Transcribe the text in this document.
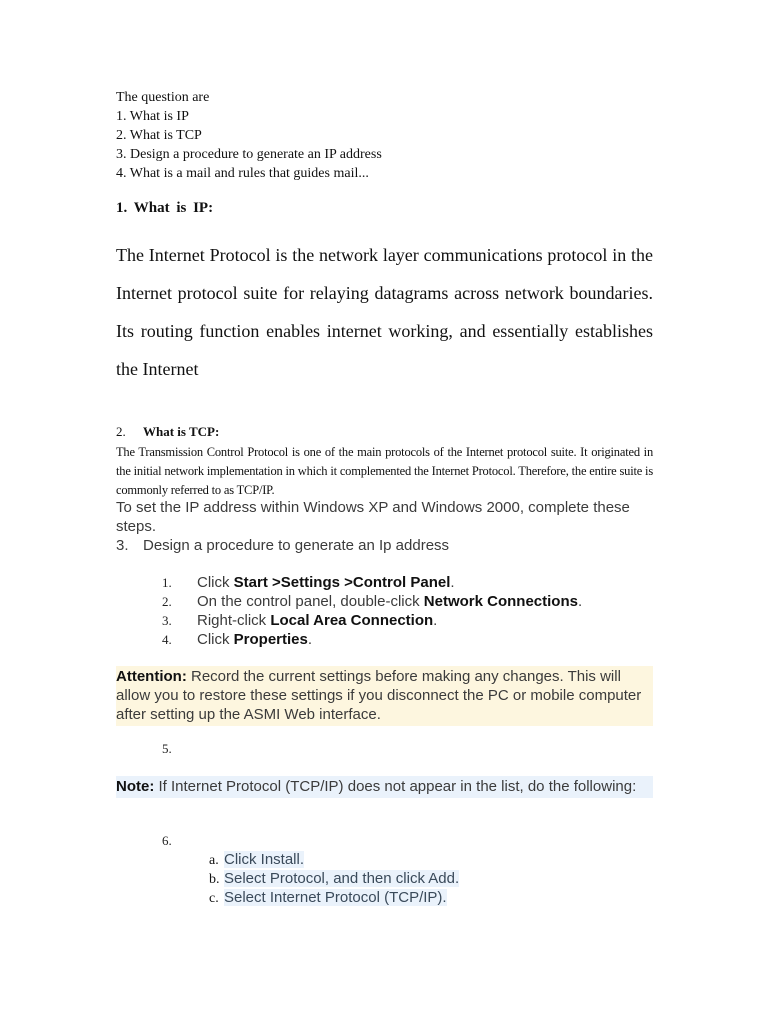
The question are
1. What is IP
2. What is TCP
3. Design a procedure to generate an IP address
4. What is a mail and rules that guides mail...
1. What is IP:
The Internet Protocol is the network layer communications protocol in the Internet protocol suite for relaying datagrams across network boundaries. Its routing function enables internet working, and essentially establishes the Internet
2. What is TCP:
The Transmission Control Protocol is one of the main protocols of the Internet protocol suite. It originated in the initial network implementation in which it complemented the Internet Protocol. Therefore, the entire suite is commonly referred to as TCP/IP.
To set the IP address within Windows XP and Windows 2000, complete these steps.
3. Design a procedure to generate an Ip address
1. Click Start >Settings >Control Panel.
2. On the control panel, double-click Network Connections.
3. Right-click Local Area Connection.
4. Click Properties.
Attention: Record the current settings before making any changes. This will allow you to restore these settings if you disconnect the PC or mobile computer after setting up the ASMI Web interface.
5.
Note: If Internet Protocol (TCP/IP) does not appear in the list, do the following:
6.
a. Click Install.
b. Select Protocol, and then click Add.
c. Select Internet Protocol (TCP/IP).
